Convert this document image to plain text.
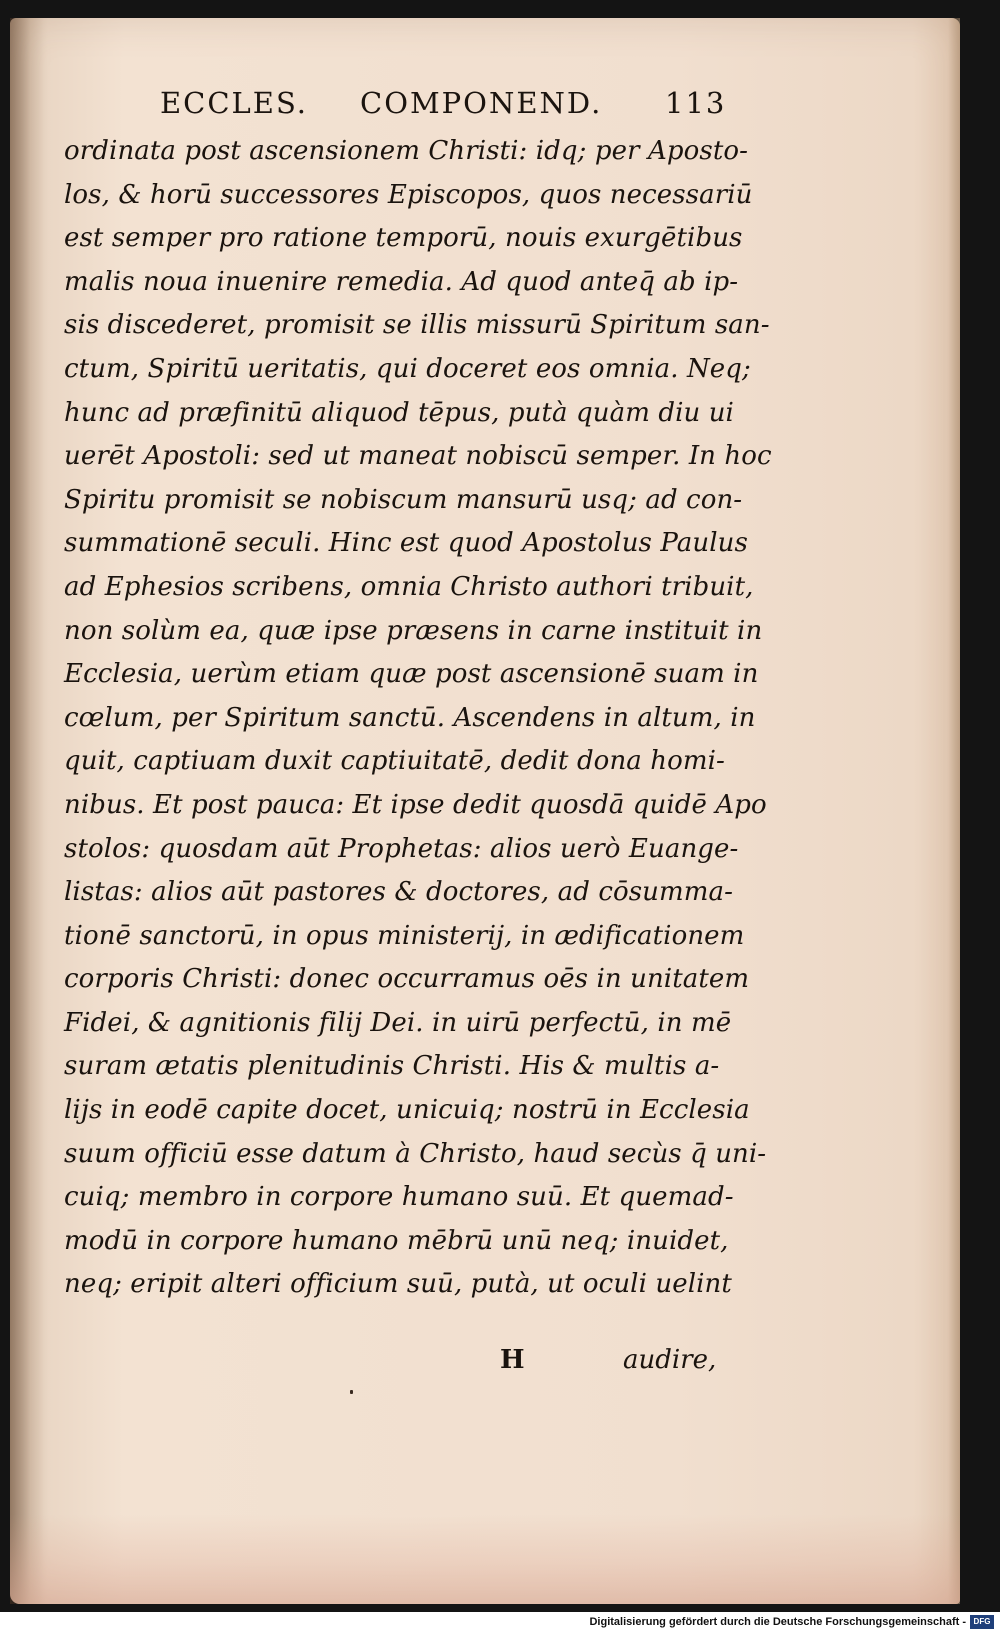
ECCLES. COMPONEND. 113
ordinata post ascensionem Christi: idq; per Aposto-
los, & horū successores Episcopos, quos necessariū
est semper pro ratione temporū, nouis exurgētibus
malis noua inuenire remedia. Ad quod anteq̄ ab ip-
sis discederet, promisit se illis missurū Spiritum san-
ctum, Spiritū ueritatis, qui doceret eos omnia. Neq;
hunc ad præfinitū aliquod tēpus, putà quàm diu ui
uerēt Apostoli: sed ut maneat nobiscū semper. In hoc
Spiritu promisit se nobiscum mansurū usq; ad con-
summationē seculi. Hinc est quod Apostolus Paulus
ad Ephesios scribens, omnia Christo authori tribuit,
non solùm ea, quæ ipse præsens in carne instituit in
Ecclesia, uerùm etiam quæ post ascensionē suam in
cœlum, per Spiritum sanctū. Ascendens in altum, in
quit, captiuam duxit captiuitatē, dedit dona homi-
nibus. Et post pauca: Et ipse dedit quosdā quidē Apo
stolos: quosdam aūt Prophetas: alios uerò Euange-
listas: alios aūt pastores & doctores, ad cōsumma-
tionē sanctorū, in opus ministerij, in ædificationem
corporis Christi: donec occurramus oēs in unitatem
Fidei, & agnitionis filij Dei. in uirū perfectū, in mē
suram ætatis plenitudinis Christi. His & multis a-
lijs in eodē capite docet, unicuiq; nostrū in Ecclesia
suum officiū esse datum à Christo, haud secùs q̄ uni-
cuiq; membro in corpore humano suū. Et quemad-
modū in corpore humano mēbrū unū neq; inuidet,
neq; eripit alteri officium suū, putà, ut oculi uelint
H	audire,
Digitalisierung gefördert durch die Deutsche Forschungsgemeinschaft - DFG
